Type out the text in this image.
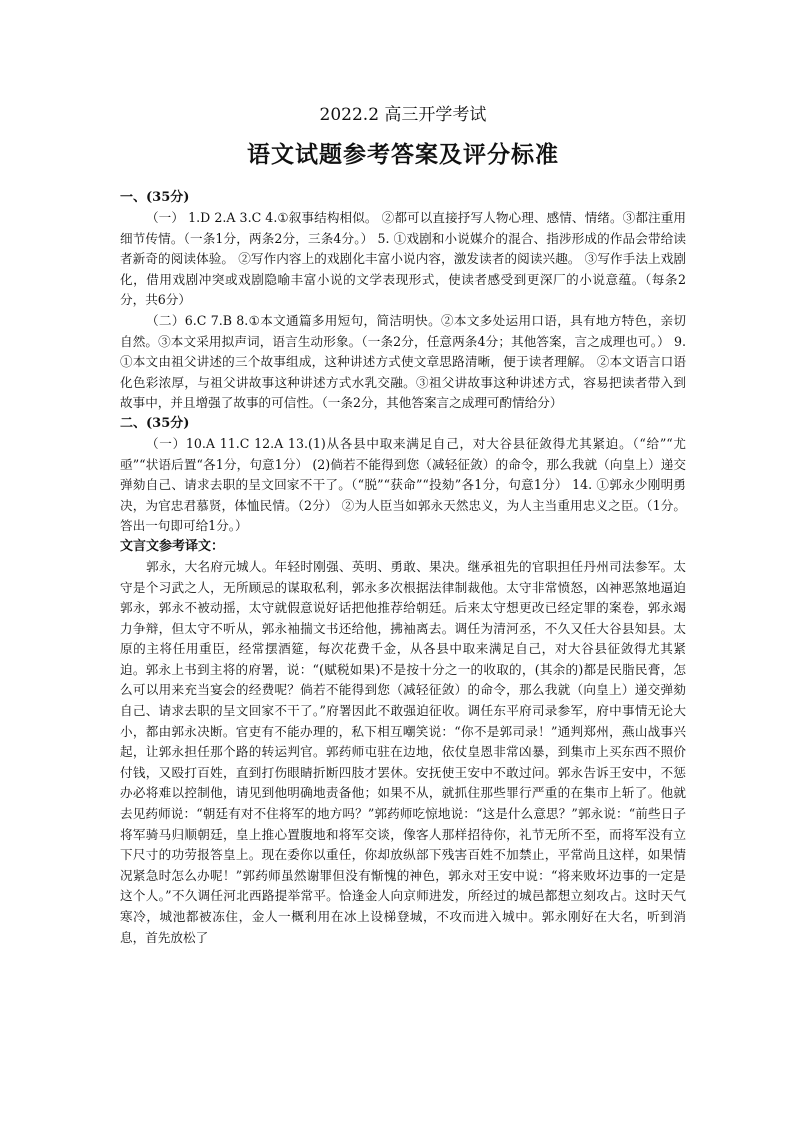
2022.2 高三开学考试
语文试题参考答案及评分标准
一、(35分)
（一） 1.D 2.A 3.C 4.①叙事结构相似。 ②都可以直接抒写人物心理、感情、情绪。③都注重用细节传情。（一条1分，两条2分，三条4分。） 5. ①戏剧和小说媒介的混合、指涉形成的作品会带给读者新奇的阅读体验。 ②写作内容上的戏剧化丰富小说内容，激发读者的阅读兴趣。 ③写作手法上戏剧化，借用戏剧冲突或戏剧隐喻丰富小说的文学表现形式，使读者感受到更深厂的小说意蕴。（每条2分，共6分）
（二）6.C 7.B 8.①本文通篇多用短句，简洁明快。②本文多处运用口语，具有地方特色，亲切自然。③本文采用拟声词，语言生动形象。（一条2分，任意两条4分；其他答案，言之成理也可。） 9.①本文由祖父讲述的三个故事组成，这种讲述方式使文章思路清晰，便于读者理解。 ②本文语言口语化色彩浓厚，与祖父讲故事这种讲述方式水乳交融。③祖父讲故事这种讲述方式，容易把读者带入到故事中，并且增强了故事的可信性。（一条2分，其他答案言之成理可酌情给分）
二、(35分)
（一）10.A 11.C 12.A 13.(1)从各县中取来满足自己，对大谷县征敛得尤其紧迫。（“给”“尤亟”“状语后置“各1分，句意1分） (2)倘若不能得到您（减轻征敛）的命令，那么我就（向皇上）递交弹劾自己、请求去职的呈文回家不干了。（“脱”“获命”“投劾”各1分，句意1分） 14. ①郭永少刚明勇决，为官忠君慕贤，体恤民情。（2分） ②为人臣当如郭永天然忠义，为人主当重用忠义之臣。（1分。答出一句即可给1分。）
文言文参考译文：
郭永，大名府元城人。年轻时刚强、英明、勇敢、果决。继承祖先的官职担任丹州司法参军。太守是个习武之人，无所顾忌的谋取私利，郭永多次根据法律制裁他。太守非常愤怒，凶神恶煞地逼迫郭永，郭永不被动摇，太守就假意说好话把他推荐给朝廷。后来太守想更改已经定罪的案卷，郭永竭力争辩，但太守不听从，郭永袖揣文书还给他，拂袖离去。调任为清河丞，不久又任大谷县知县。太原的主将任用重臣，经常摆酒筵，每次花费千金，从各县中取来满足自己，对大谷县征敛得尤其紧迫。郭永上书到主将的府署，说：“(赋税如果)不是按十分之一的收取的，(其余的)都是民脂民膏，怎么可以用来充当宴会的经费呢？倘若不能得到您（减轻征敛）的命令，那么我就（向皇上）递交弹劾自己、请求去职的呈文回家不干了。”府署因此不敢强迫征收。调任东平府司录参军，府中事情无论大小，都由郭永决断。官吏有不能办理的，私下相互嘲笑说：“你不是郭司录！”通判郑州，燕山战事兴起，让郭永担任那个路的转运判官。郭药师屯驻在边地，依仗皇恩非常凶暴，到集市上买东西不照价付钱，又殴打百姓，直到打伤眼睛折断四肢才罢休。安抚使王安中不敢过问。郭永告诉王安中，不惩办必将难以控制他，请见到他明确地责备他；如果不从，就抓住那些罪行严重的在集市上斩了。他就去见药师说：“朝廷有对不住将军的地方吗？”郭药师吃惊地说：“这是什么意思？”郭永说：“前些日子将军骑马归顺朝廷，皇上推心置腹地和将军交谈，像客人那样招待你，礼节无所不至，而将军没有立下尺寸的功劳报答皇上。现在委你以重任，你却放纵部下残害百姓不加禁止，平常尚且这样，如果情况紧急时怎么办呢！”郭药师虽然谢罪但没有惭愧的神色，郭永对王安中说：“将来败坏边事的一定是这个人。”不久调任河北西路提举常平。恰逢金人向京师进发，所经过的城邑都想立刻攻占。这时天气寒冷，城池都被冻住，金人一概利用在冰上设梯登城，不攻而进入城中。郭永刚好在大名，听到消息，首先放松了
